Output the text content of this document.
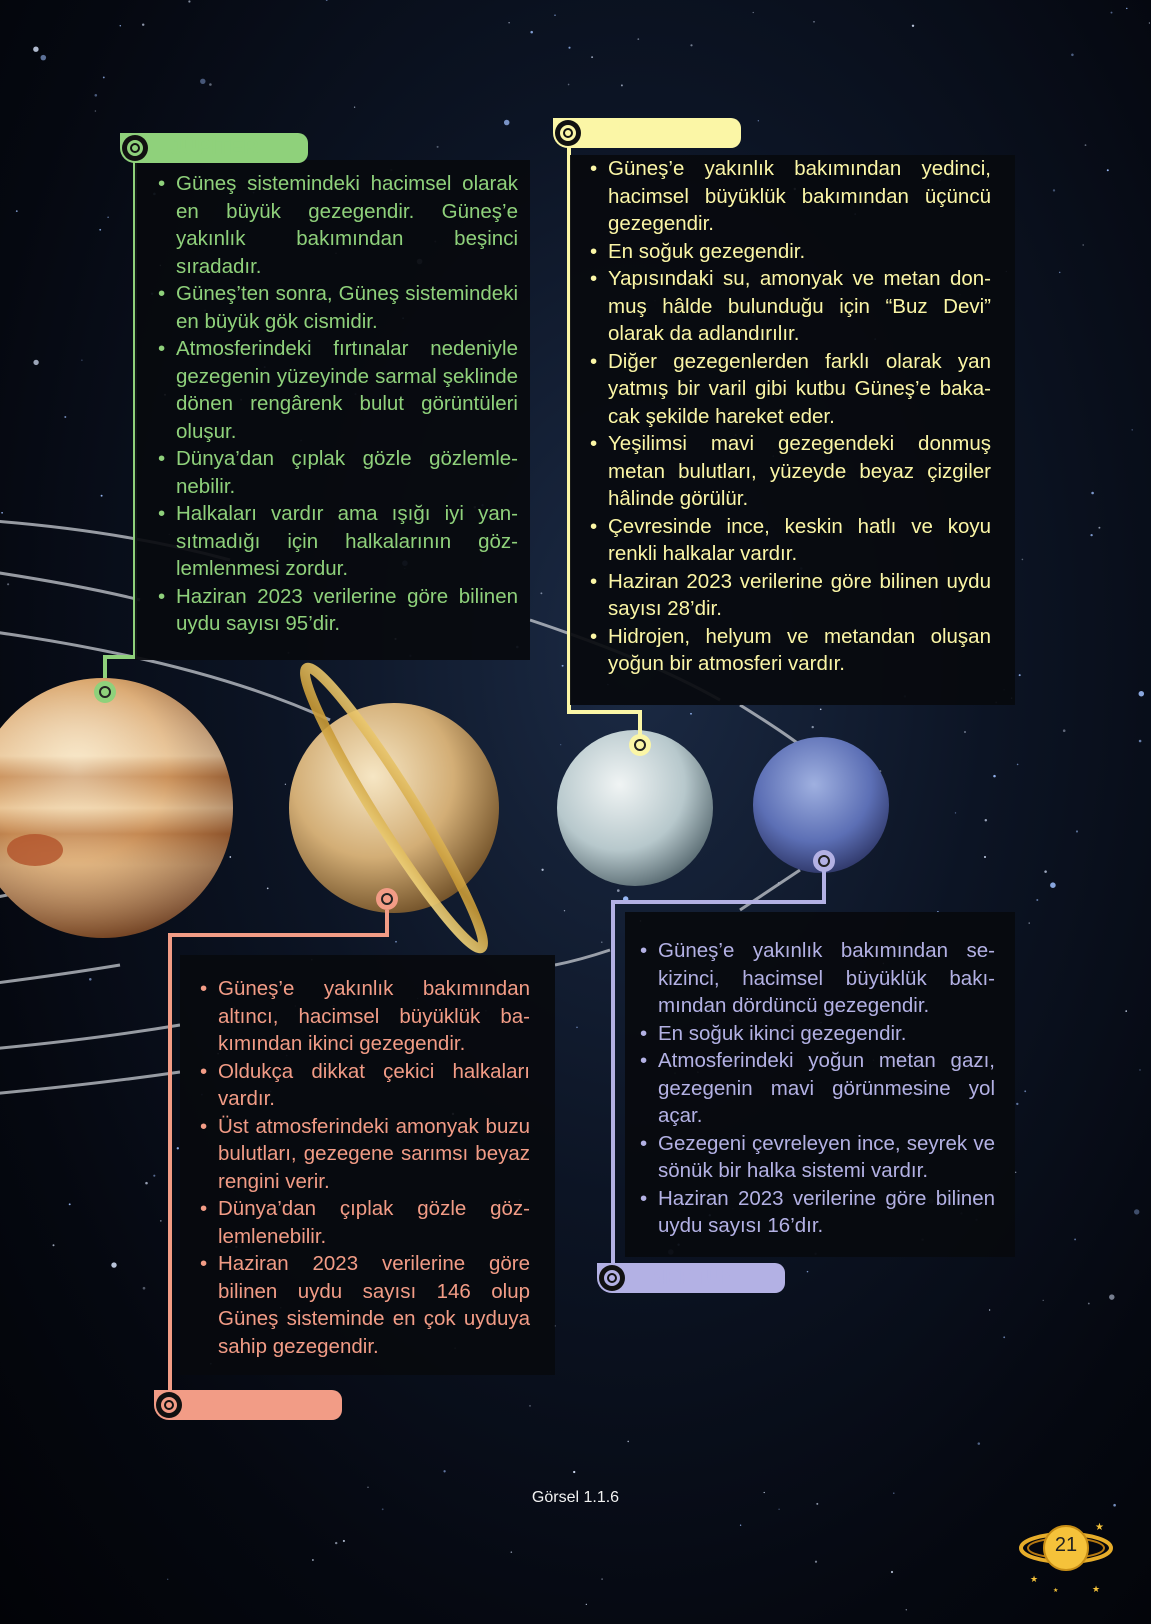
• Güneş sistemindeki hacimsel olarak en büyük gezegendir. Güneş’e yakınlık bakımından beşinci sıradadır.
• Güneş’ten sonra, Güneş sistemindeki en büyük gök cismidir.
• Atmosferindeki fırtınalar nedeniyle gezegenin yüzeyinde sarmal şeklinde dönen rengârenk bulut görüntüleri oluşur.
• Dünya’dan çıplak gözle gözlemlenebilir.
• Halkaları vardır ama ışığı iyi yansıtmadığı için halkalarının gözlemlenmesi zordur.
• Haziran 2023 verilerine göre bilinen uydu sayısı 95’dir.
JÜPİTER
• Güneş’e yakınlık bakımından yedinci, hacimsel büyüklük bakımından üçüncü gezegendir.
• En soğuk gezegendir.
• Yapısındaki su, amonyak ve metan donmuş hâlde bulunduğu için “Buz Devi” olarak da adlandırılır.
• Diğer gezegenlerden farklı olarak yan yatmış bir varil gibi kutbu Güneş’e bakacak şekilde hareket eder.
• Yeşilimsi mavi gezegendeki donmuş metan bulutları, yüzeyde beyaz çizgiler hâlinde görülür.
• Çevresinde ince, keskin hatlı ve koyu renkli halkalar vardır.
• Haziran 2023 verilerine göre bilinen uydu sayısı 28’dir.
• Hidrojen, helyum ve metandan oluşan yoğun bir atmosferi vardır.
URANÜS
• Güneş’e yakınlık bakımından altıncı, hacimsel büyüklük bakımından ikinci gezegendir.
• Oldukça dikkat çekici halkaları vardır.
• Üst atmosferindeki amonyak buzu bulutları, gezegene sarımsı beyaz rengini verir.
• Dünya’dan çıplak gözle gözlemlenebilir.
• Haziran 2023 verilerine göre bilinen uydu sayısı 146 olup Güneş sisteminde en çok uyduya sahip gezegendir.
SATÜRN
• Güneş’e yakınlık bakımından sekizinci, hacimsel büyüklük bakımından dördüncü gezegendir.
• En soğuk ikinci gezegendir.
• Atmosferindeki yoğun metan gazı, gezegenin mavi görünmesine yol açar.
• Gezegeni çevreleyen ince, seyrek ve sönük bir halka sistemi vardır.
• Haziran 2023 verilerine göre bilinen uydu sayısı 16’dır.
NEPTÜN
Görsel 1.1.6
★
★
★
★
21
